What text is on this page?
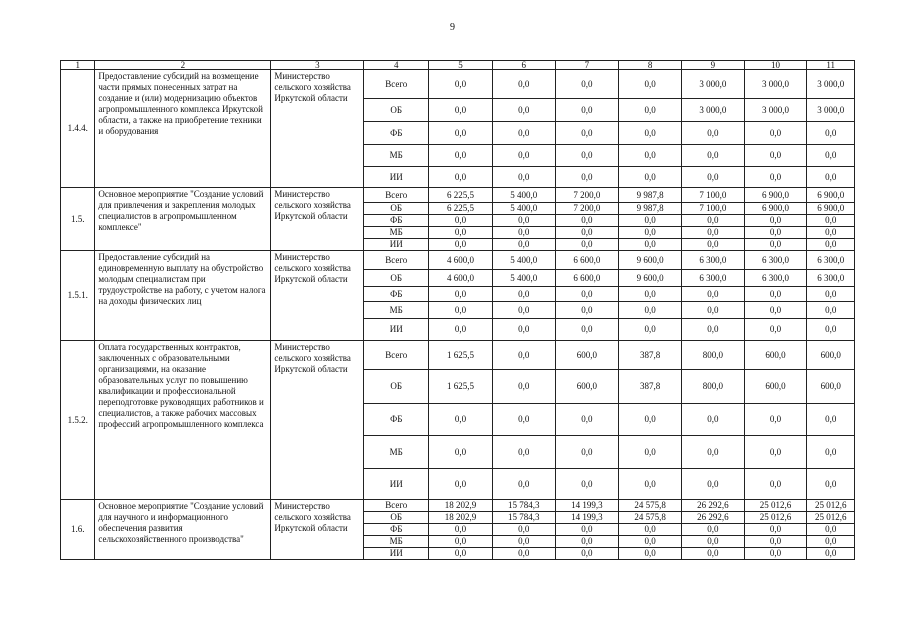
9
1	2	3	4	5	6	7	8	9	10	11
1.4.4.	Предоставление субсидий на возмещение части прямых понесенных затрат на создание и (или) модернизацию объектов агропромышленного комплекса Иркутской области, а также на приобретение техники и оборудования	Министерство сельского хозяйства Иркутской области	Всего	0,0	0,0	0,0	0,0	3 000,0	3 000,0	3 000,0
			ОБ	0,0	0,0	0,0	0,0	3 000,0	3 000,0	3 000,0
			ФБ	0,0	0,0	0,0	0,0	0,0	0,0	0,0
			МБ	0,0	0,0	0,0	0,0	0,0	0,0	0,0
			ИИ	0,0	0,0	0,0	0,0	0,0	0,0	0,0
1.5.	Основное мероприятие "Создание условий для привлечения и закрепления молодых специалистов в агропромышленном комплексе"	Министерство сельского хозяйства Иркутской области	Всего	6 225,5	5 400,0	7 200,0	9 987,8	7 100,0	6 900,0	6 900,0
			ОБ	6 225,5	5 400,0	7 200,0	9 987,8	7 100,0	6 900,0	6 900,0
			ФБ	0,0	0,0	0,0	0,0	0,0	0,0	0,0
			МБ	0,0	0,0	0,0	0,0	0,0	0,0	0,0
			ИИ	0,0	0,0	0,0	0,0	0,0	0,0	0,0
1.5.1.	Предоставление субсидий на единовременную выплату на обустройство молодым специалистам при трудоустройстве на работу, с учетом налога на доходы физических лиц	Министерство сельского хозяйства Иркутской области	Всего	4 600,0	5 400,0	6 600,0	9 600,0	6 300,0	6 300,0	6 300,0
			ОБ	4 600,0	5 400,0	6 600,0	9 600,0	6 300,0	6 300,0	6 300,0
			ФБ	0,0	0,0	0,0	0,0	0,0	0,0	0,0
			МБ	0,0	0,0	0,0	0,0	0,0	0,0	0,0
			ИИ	0,0	0,0	0,0	0,0	0,0	0,0	0,0
1.5.2.	Оплата государственных контрактов, заключенных с образовательными организациями, на оказание образовательных услуг по повышению квалификации и профессиональной переподготовке руководящих работников и специалистов, а также рабочих массовых профессий агропромышленного комплекса	Министерство сельского хозяйства Иркутской области	Всего	1 625,5	0,0	600,0	387,8	800,0	600,0	600,0
			ОБ	1 625,5	0,0	600,0	387,8	800,0	600,0	600,0
			ФБ	0,0	0,0	0,0	0,0	0,0	0,0	0,0
			МБ	0,0	0,0	0,0	0,0	0,0	0,0	0,0
			ИИ	0,0	0,0	0,0	0,0	0,0	0,0	0,0
1.6.	Основное мероприятие "Создание условий для научного и информационного обеспечения развития сельскохозяйственного производства"	Министерство сельского хозяйства Иркутской области	Всего	18 202,9	15 784,3	14 199,3	24 575,8	26 292,6	25 012,6	25 012,6
			ОБ	18 202,9	15 784,3	14 199,3	24 575,8	26 292,6	25 012,6	25 012,6
			ФБ	0,0	0,0	0,0	0,0	0,0	0,0	0,0
			МБ	0,0	0,0	0,0	0,0	0,0	0,0	0,0
			ИИ	0,0	0,0	0,0	0,0	0,0	0,0	0,0
